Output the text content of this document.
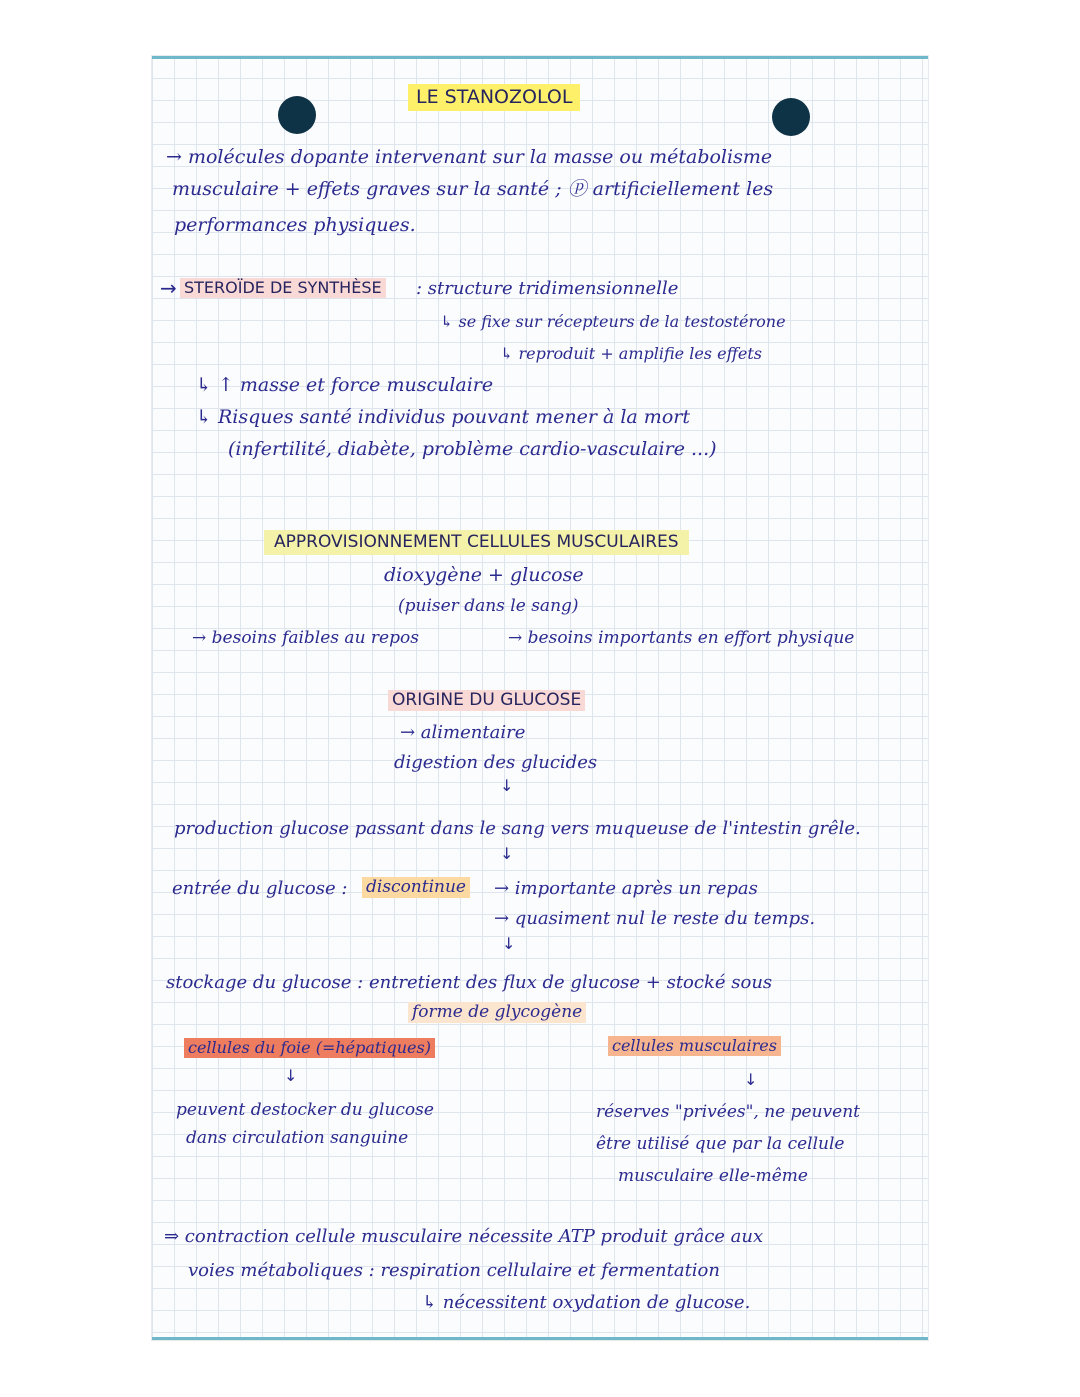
LE STANOZOLOL
→ molécules dopante intervenant sur la masse ou métabolisme
musculaire + effets graves sur la santé ; ⓟ artificiellement les
performances physiques.
→ STEROÏDE DE SYNTHÈSE : structure tridimensionnelle
↳ se fixe sur récepteurs de la testostérone
↳ reproduit + amplifie les effets
↳ ↑ masse et force musculaire
↳ Risques santé individus pouvant mener à la mort
(infertilité, diabète, problème cardio-vasculaire ...)
APPROVISIONNEMENT CELLULES MUSCULAIRES
dioxygène + glucose
(puiser dans le sang)
→ besoins faibles au repos	→ besoins importants en effort physique
ORIGINE DU GLUCOSE
→ alimentaire
digestion des glucides
↓
production glucose passant dans le sang vers muqueuse de l'intestin grêle.
↓
entrée du glucose : discontinue → importante après un repas
→ quasiment nul le reste du temps.
↓
stockage du glucose : entretient des flux de glucose + stocké sous
forme de glycogène
cellules du foie (=hépatiques)	cellules musculaires
↓	↓
peuvent destocker du glucose
dans circulation sanguine
réserves "privées", ne peuvent
être utilisé que par la cellule
musculaire elle-même
⇒ contraction cellule musculaire nécessite ATP produit grâce aux
voies métaboliques : respiration cellulaire et fermentation
↳ nécessitent oxydation de glucose.
